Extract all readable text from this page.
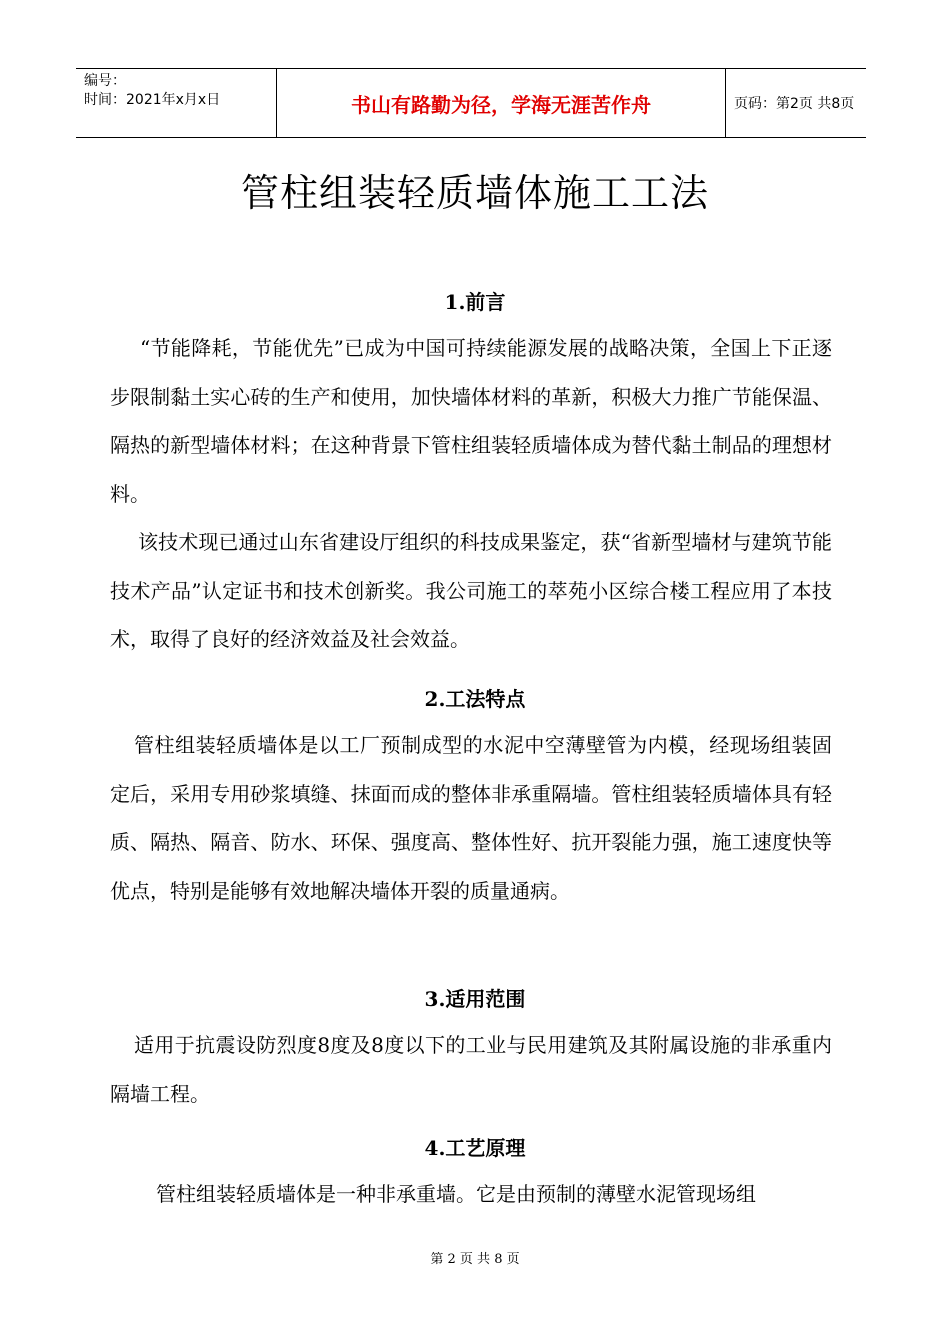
编号：
时间：2021年x月x日	书山有路勤为径，学海无涯苦作舟	页码：第2页 共8页
管柱组装轻质墙体施工工法
1.前言
“节能降耗，节能优先”已成为中国可持续能源发展的战略决策，全国上下正逐步限制黏土实心砖的生产和使用，加快墙体材料的革新，积极大力推广节能保温、隔热的新型墙体材料；在这种背景下管柱组装轻质墙体成为替代黏土制品的理想材料。
该技术现已通过山东省建设厅组织的科技成果鉴定，获“省新型墙材与建筑节能技术产品”认定证书和技术创新奖。我公司施工的萃苑小区综合楼工程应用了本技术，取得了良好的经济效益及社会效益。
2.工法特点
管柱组装轻质墙体是以工厂预制成型的水泥中空薄壁管为内模，经现场组装固定后，采用专用砂浆填缝、抹面而成的整体非承重隔墙。管柱组装轻质墙体具有轻质、隔热、隔音、防水、环保、强度高、整体性好、抗开裂能力强，施工速度快等优点，特别是能够有效地解决墙体开裂的质量通病。
3.适用范围
适用于抗震设防烈度8度及8度以下的工业与民用建筑及其附属设施的非承重内隔墙工程。
4.工艺原理
管柱组装轻质墙体是一种非承重墙。它是由预制的薄壁水泥管现场组
第 2 页 共 8 页
